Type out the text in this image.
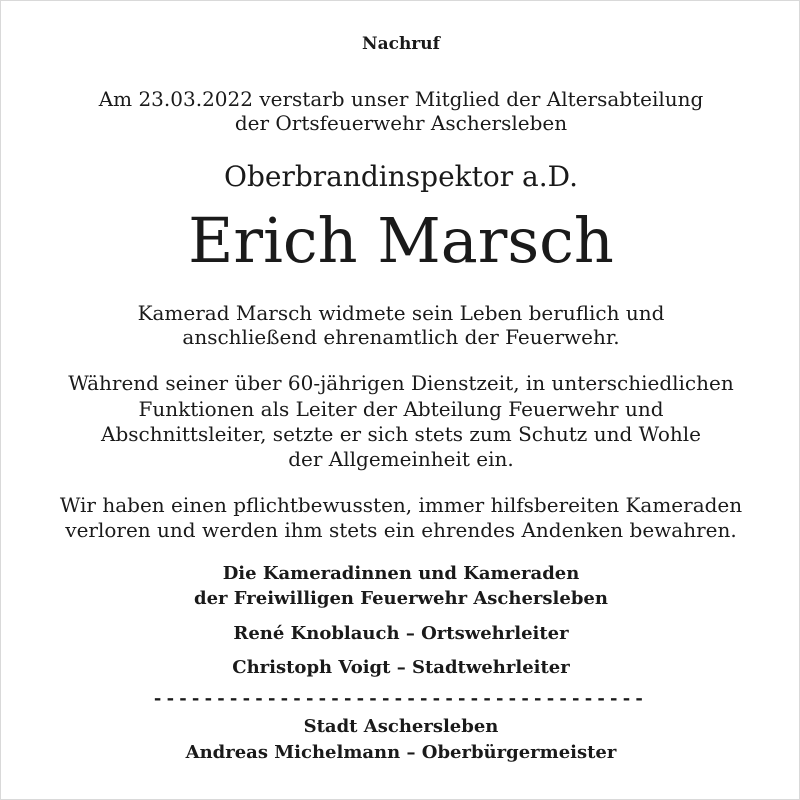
Nachruf

Am 23.03.2022 verstarb unser Mitglied der Altersabteilung

der Ortsfeuerwehr Aschersleben

Oberbrandinspektor a.D.

Erich Marsch

Kamerad Marsch widmete sein Leben beruflich und

anschließend ehrenamtlich der Feuerwehr.

Während seiner über 60-jährigen Dienstzeit, in unterschiedlichen

Funktionen als Leiter der Abteilung Feuerwehr und

Abschnittsleiter, setzte er sich stets zum Schutz und Wohle

der Allgemeinheit ein.

Wir haben einen pflichtbewussten, immer hilfsbereiten Kameraden

verloren und werden ihm stets ein ehrendes Andenken bewahren.

Die Kameradinnen und Kameraden

der Freiwilligen Feuerwehr Aschersleben

René Knoblauch – Ortswehrleiter

Christoph Voigt – Stadtwehrleiter

---------------------------------------

Stadt Aschersleben

Andreas Michelmann – Oberbürgermeister
